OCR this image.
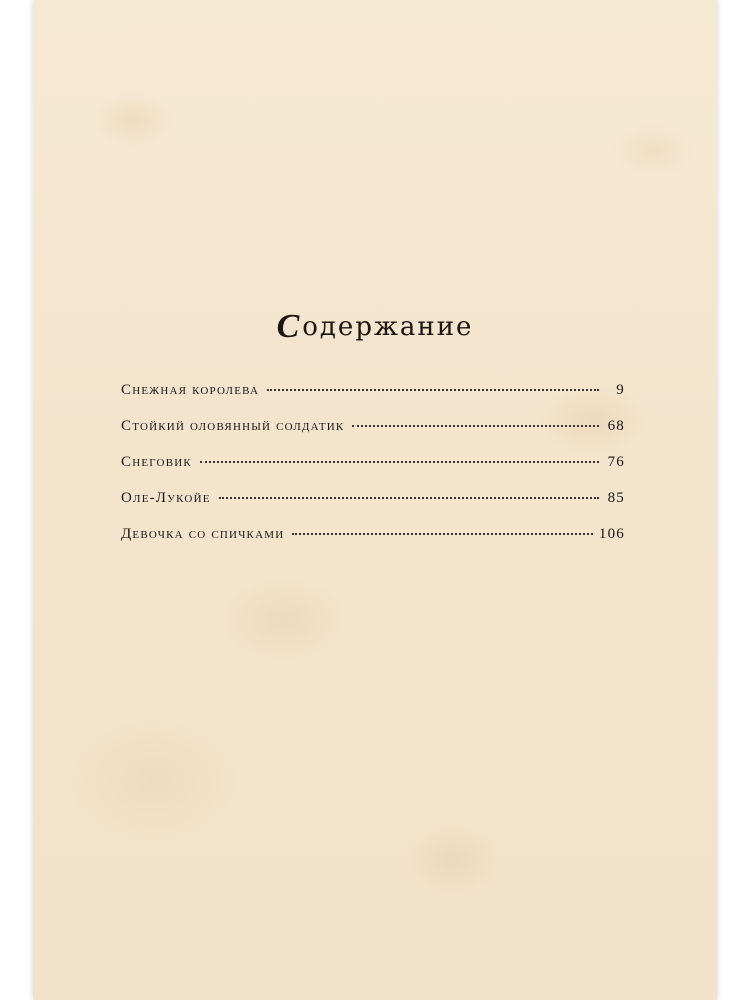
Содержание
Снежная королева	9
Стойкий оловянный солдатик	68
Снеговик	76
Оле-Лукойе	85
Девочка со спичками	106
